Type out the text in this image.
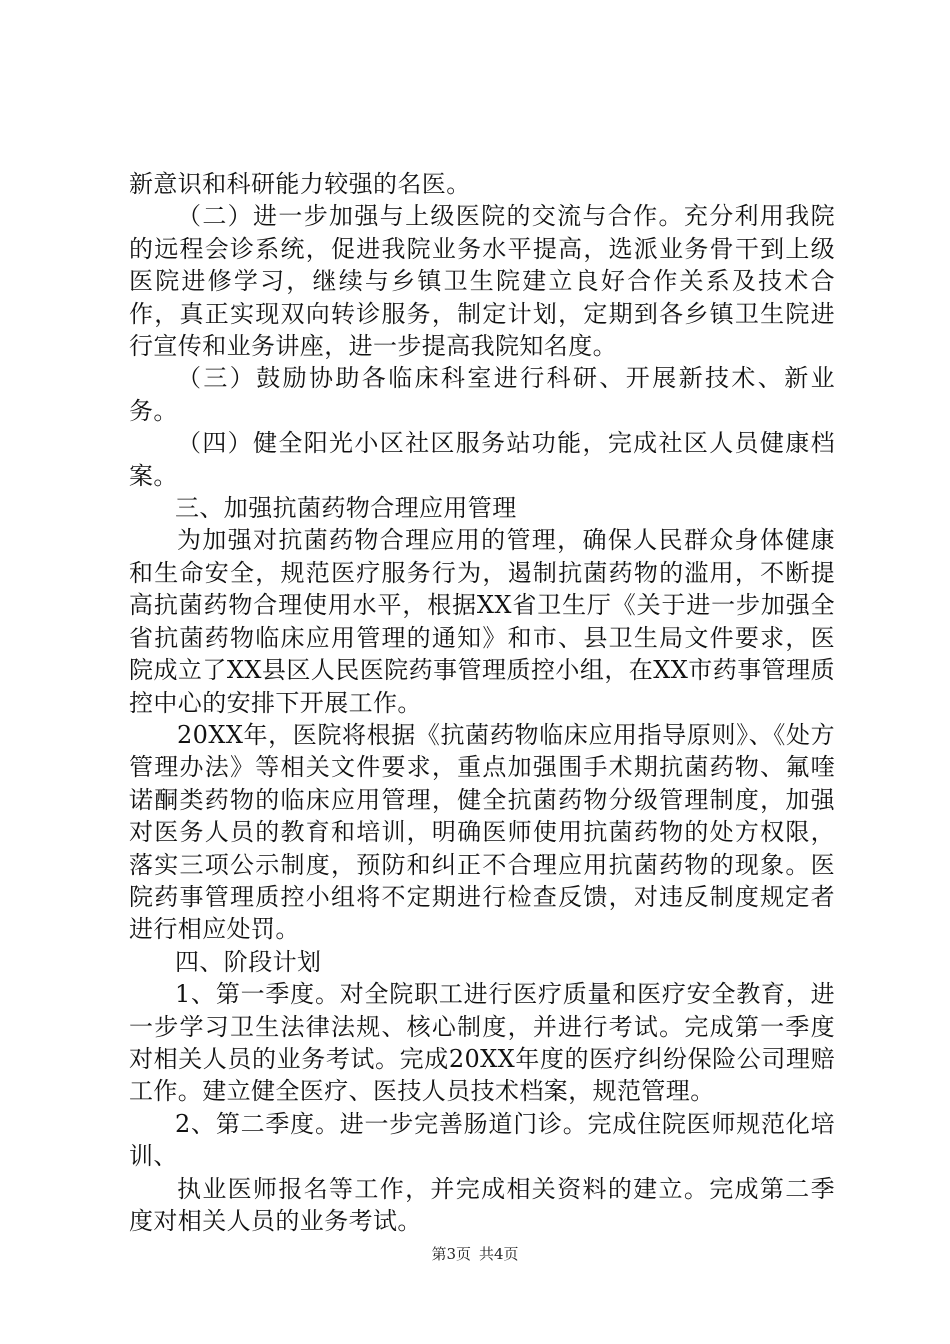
新意识和科研能力较强的名医。

（二）进一步加强与上级医院的交流与合作。充分利用我院的远程会诊系统，促进我院业务水平提高，选派业务骨干到上级医院进修学习，继续与乡镇卫生院建立良好合作关系及技术合作，真正实现双向转诊服务，制定计划，定期到各乡镇卫生院进行宣传和业务讲座，进一步提高我院知名度。

（三）鼓励协助各临床科室进行科研、开展新技术、新业务。

（四）健全阳光小区社区服务站功能，完成社区人员健康档案。

三、加强抗菌药物合理应用管理

为加强对抗菌药物合理应用的管理，确保人民群众身体健康和生命安全，规范医疗服务行为，遏制抗菌药物的滥用，不断提高抗菌药物合理使用水平，根据XX省卫生厅《关于进一步加强全省抗菌药物临床应用管理的通知》和市、县卫生局文件要求，医院成立了XX县区人民医院药事管理质控小组，在XX市药事管理质控中心的安排下开展工作。

20XX年，医院将根据《抗菌药物临床应用指导原则》、《处方管理办法》等相关文件要求，重点加强围手术期抗菌药物、氟喹诺酮类药物的临床应用管理，健全抗菌药物分级管理制度，加强对医务人员的教育和培训，明确医师使用抗菌药物的处方权限，落实三项公示制度，预防和纠正不合理应用抗菌药物的现象。医院药事管理质控小组将不定期进行检查反馈，对违反制度规定者进行相应处罚。

四、阶段计划

1、第一季度。对全院职工进行医疗质量和医疗安全教育，进一步学习卫生法律法规、核心制度，并进行考试。完成第一季度对相关人员的业务考试。完成20XX年度的医疗纠纷保险公司理赔工作。建立健全医疗、医技人员技术档案，规范管理。

2、第二季度。进一步完善肠道门诊。完成住院医师规范化培训、

执业医师报名等工作，并完成相关资料的建立。完成第二季度对相关人员的业务考试。

第3页 共4页
